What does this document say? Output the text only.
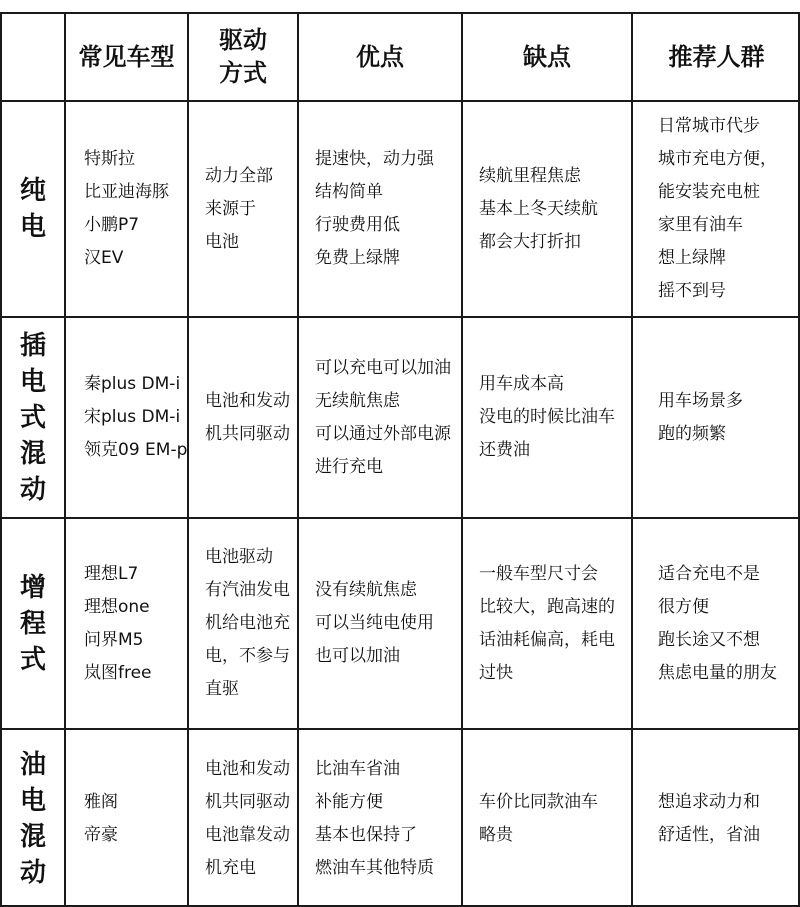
常见车型
驱动
方式
优点	缺点	推荐人群
纯
电
特斯拉
比亚迪海豚
小鹏P7
汉EV
动力全部
来源于
电池
提速快，动力强
结构简单
行驶费用低
免费上绿牌
续航里程焦虑
基本上冬天续航
都会大打折扣
日常城市代步
城市充电方便，
能安装充电桩
家里有油车
想上绿牌
摇不到号
插
电
式
混
动
秦plus DM-i
宋plus DM-i
领克09 EM-p
电池和发动
机共同驱动
可以充电可以加油
无续航焦虑
可以通过外部电源
进行充电
用车成本高
没电的时候比油车
还费油
用车场景多
跑的频繁
增
程
式
理想L7
理想one
问界M5
岚图free
电池驱动
有汽油发电
机给电池充
电，不参与
直驱
没有续航焦虑
可以当纯电使用
也可以加油
一般车型尺寸会
比较大，跑高速的
话油耗偏高，耗电
过快
适合充电不是
很方便
跑长途又不想
焦虑电量的朋友
油
电
混
动
雅阁
帝豪
电池和发动
机共同驱动
电池靠发动
机充电
比油车省油
补能方便
基本也保持了
燃油车其他特质
车价比同款油车
略贵
想追求动力和
舒适性，省油
